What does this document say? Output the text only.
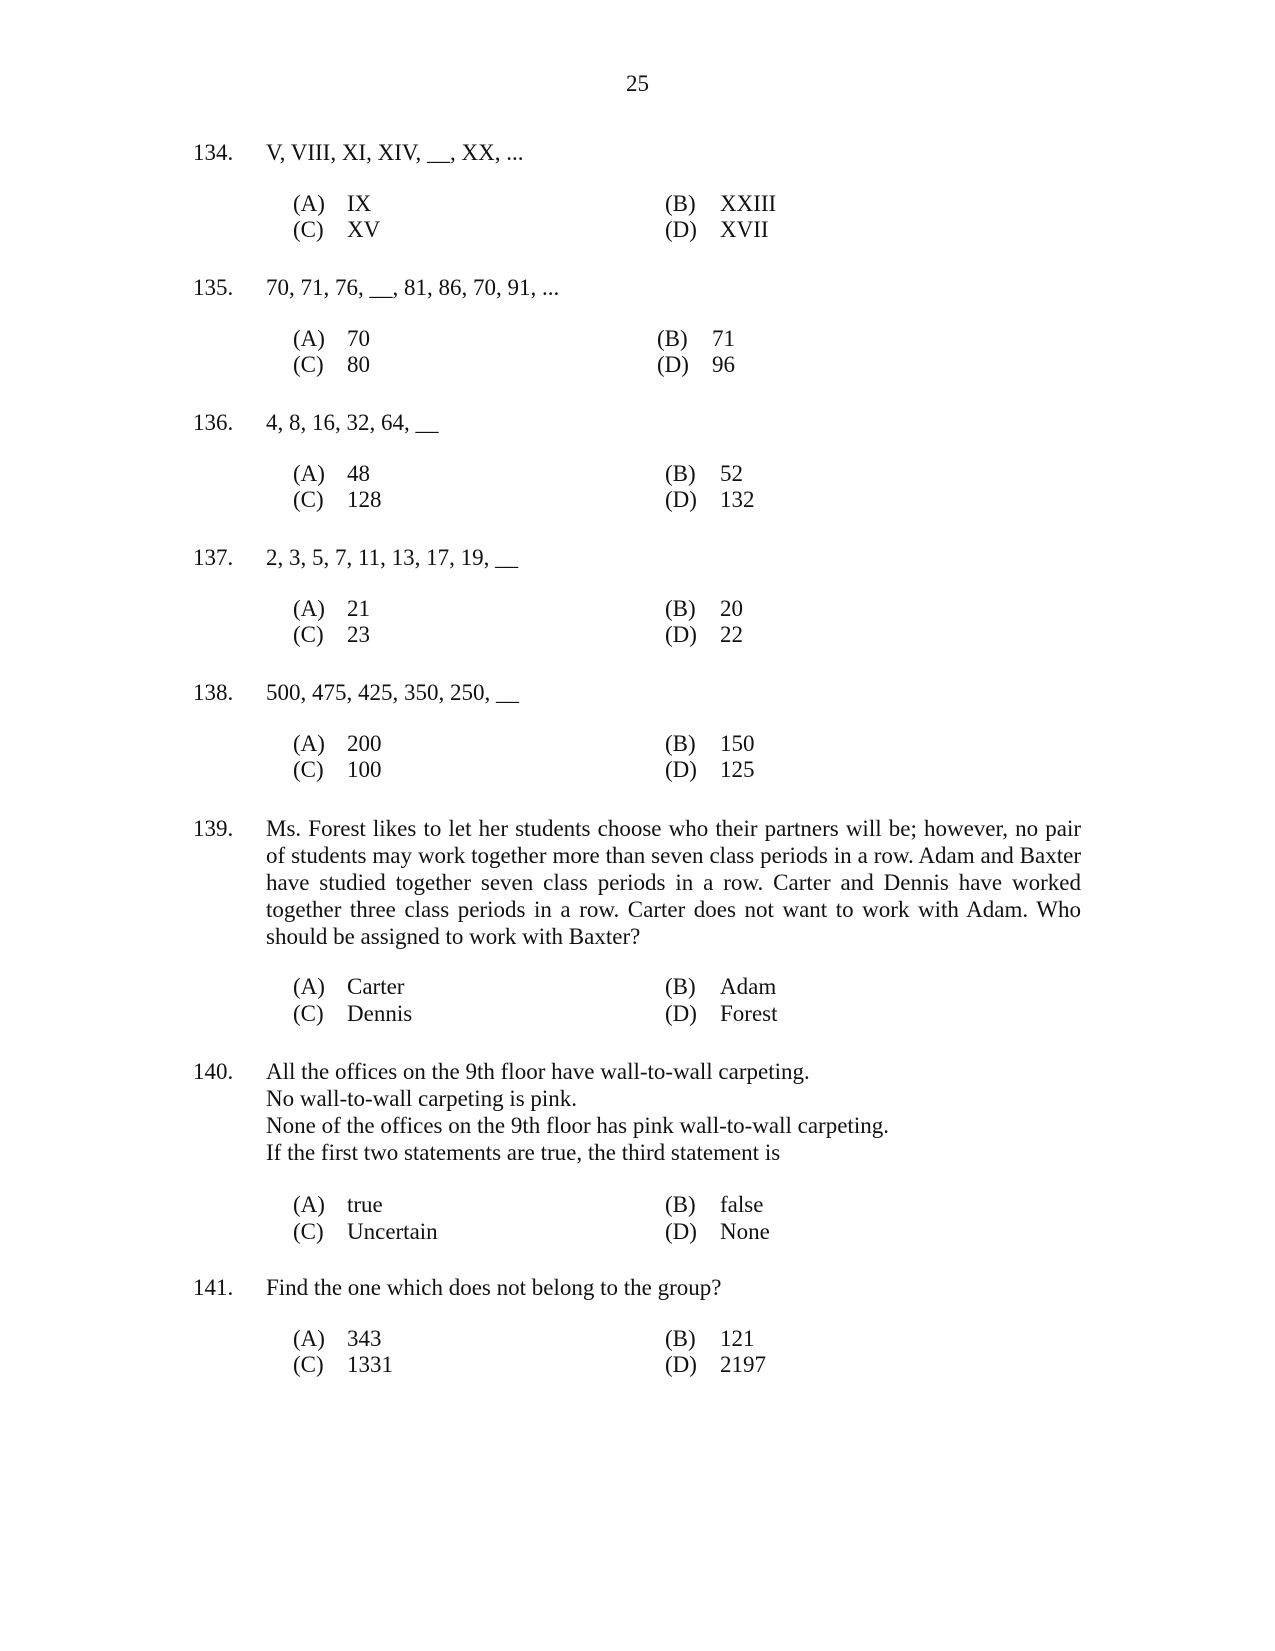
25
134. V, VIII, XI, XIV, __, XX, ...
(A) IX	(B) XXIII
(C) XV	(D) XVII
135. 70, 71, 76, __, 81, 86, 70, 91, ...
(A) 70	(B) 71
(C) 80	(D) 96
136. 4, 8, 16, 32, 64, __
(A) 48	(B) 52
(C) 128	(D) 132
137. 2, 3, 5, 7, 11, 13, 17, 19, __
(A) 21	(B) 20
(C) 23	(D) 22
138. 500, 475, 425, 350, 250, __
(A) 200	(B) 150
(C) 100	(D) 125
139. Ms. Forest likes to let her students choose who their partners will be; however, no pair of students may work together more than seven class periods in a row. Adam and Baxter have studied together seven class periods in a row. Carter and Dennis have worked together three class periods in a row. Carter does not want to work with Adam. Who should be assigned to work with Baxter?
(A) Carter	(B) Adam
(C) Dennis	(D) Forest
140. All the offices on the 9th floor have wall-to-wall carpeting.
No wall-to-wall carpeting is pink.
None of the offices on the 9th floor has pink wall-to-wall carpeting.
If the first two statements are true, the third statement is
(A) true	(B) false
(C) Uncertain	(D) None
141. Find the one which does not belong to the group?
(A) 343	(B) 121
(C) 1331	(D) 2197
